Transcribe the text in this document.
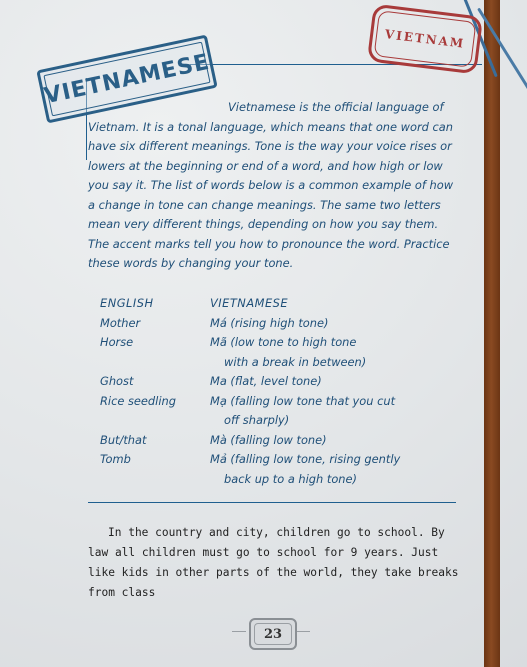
VIETNAM
VIETNAMESE	Vietnamese is the official language of Vietnam. It is a tonal language, which means that one word can have six different meanings. Tone is the way your voice rises or lowers at the beginning or end of a word, and how high or low you say it. The list of words below is a common example of how a change in tone can change meanings. The same two letters mean very different things, depending on how you say them. The accent marks tell you how to pronounce the word. Practice these words by changing your tone.
ENGLISH	VIETNAMESE
Mother	Má (rising high tone)
Horse	Mã (low tone to high tone
with a break in between)
Ghost	Ma (flat, level tone)
Rice seedling	Mạ (falling low tone that you cut
off sharply)
But/that	Mà (falling low tone)
Tomb	Mả (falling low tone, rising gently
back up to a high tone)
In the country and city, children go to school. By law all children must go to school for 9 years. Just like kids in other parts of the world, they take breaks from class
23
